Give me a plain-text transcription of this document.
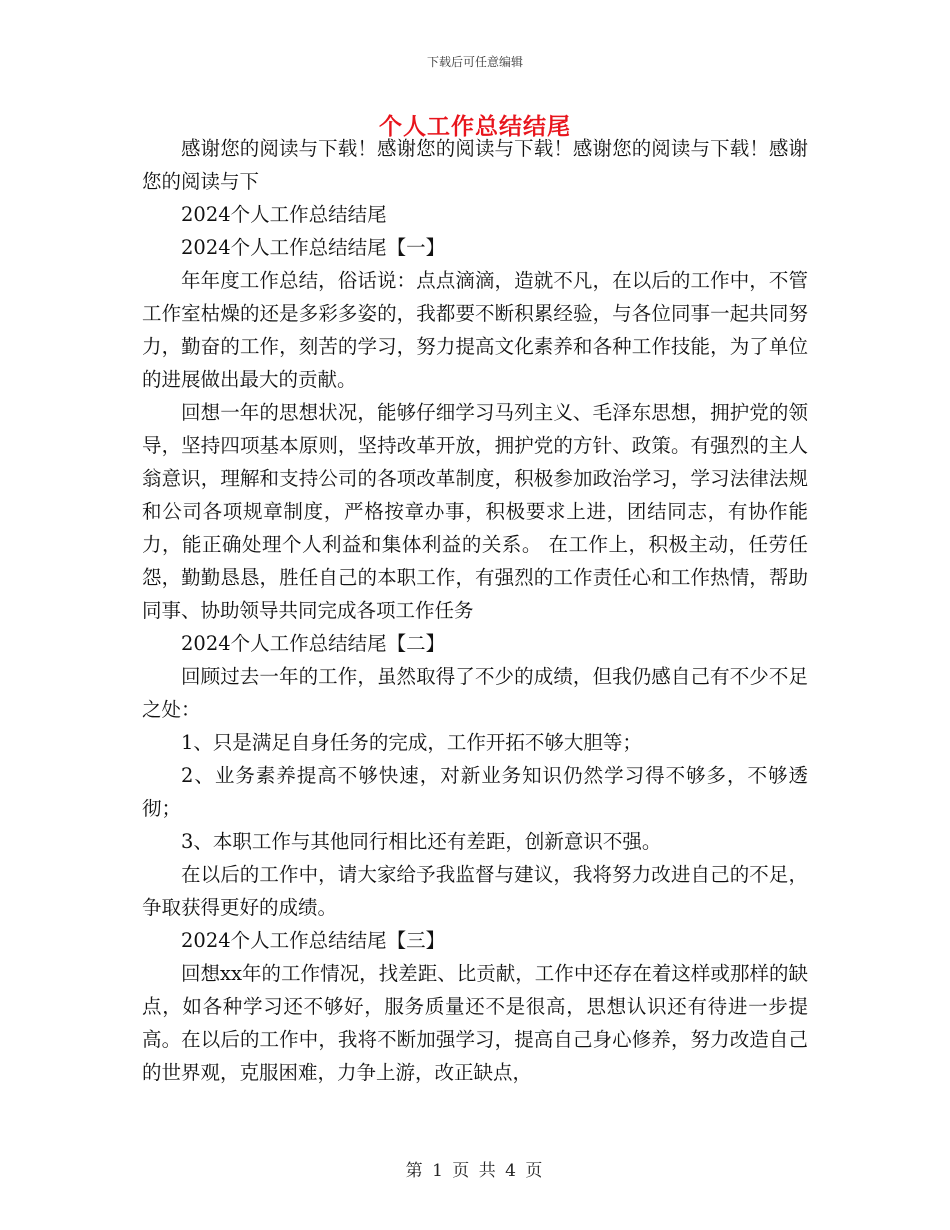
下载后可任意编辑
个人工作总结结尾

感谢您的阅读与下载！感谢您的阅读与下载！感谢您的阅读与下载！感谢您的阅读与下

2024个人工作总结结尾

2024个人工作总结结尾【一】

年年度工作总结，俗话说：点点滴滴，造就不凡，在以后的工作中，不管工作室枯燥的还是多彩多姿的，我都要不断积累经验，与各位同事一起共同努力，勤奋的工作，刻苦的学习，努力提高文化素养和各种工作技能，为了单位的进展做出最大的贡献。

回想一年的思想状况，能够仔细学习马列主义、毛泽东思想，拥护党的领导，坚持四项基本原则，坚持改革开放，拥护党的方针、政策。有强烈的主人翁意识，理解和支持公司的各项改革制度，积极参加政治学习，学习法律法规和公司各项规章制度，严格按章办事，积极要求上进，团结同志，有协作能力，能正确处理个人利益和集体利益的关系。 在工作上，积极主动，任劳任怨，勤勤恳恳，胜任自己的本职工作，有强烈的工作责任心和工作热情，帮助同事、协助领导共同完成各项工作任务

2024个人工作总结结尾【二】

回顾过去一年的工作，虽然取得了不少的成绩，但我仍感自己有不少不足之处：

1、只是满足自身任务的完成，工作开拓不够大胆等；

2、业务素养提高不够快速，对新业务知识仍然学习得不够多，不够透彻；

3、本职工作与其他同行相比还有差距，创新意识不强。

在以后的工作中，请大家给予我监督与建议，我将努力改进自己的不足，争取获得更好的成绩。

2024个人工作总结结尾【三】

回想xx年的工作情况，找差距、比贡献，工作中还存在着这样或那样的缺点，如各种学习还不够好，服务质量还不是很高，思想认识还有待进一步提高。在以后的工作中，我将不断加强学习，提高自己身心修养，努力改造自己的世界观，克服困难，力争上游，改正缺点，

第 1 页 共 4 页
